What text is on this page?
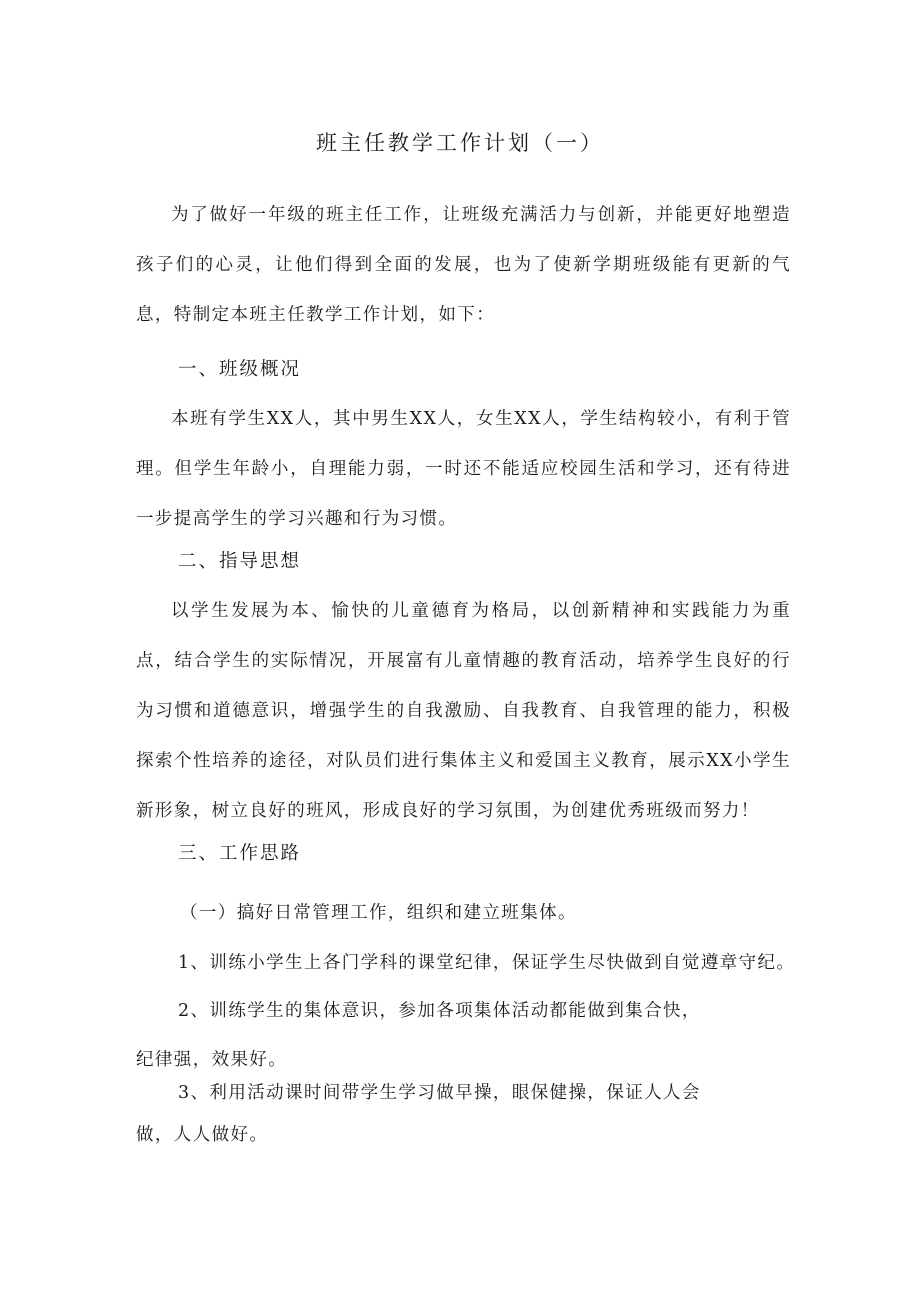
班主任教学工作计划（一）

为了做好一年级的班主任工作，让班级充满活力与创新，并能更好地塑造孩子们的心灵，让他们得到全面的发展，也为了使新学期班级能有更新的气息，特制定本班主任教学工作计划，如下：

一、班级概况

本班有学生XX人，其中男生XX人，女生XX人，学生结构较小，有利于管理。但学生年龄小，自理能力弱，一时还不能适应校园生活和学习，还有待进一步提高学生的学习兴趣和行为习惯。

二、指导思想

以学生发展为本、愉快的儿童德育为格局，以创新精神和实践能力为重点，结合学生的实际情况，开展富有儿童情趣的教育活动，培养学生良好的行为习惯和道德意识，增强学生的自我激励、自我教育、自我管理的能力，积极探索个性培养的途径，对队员们进行集体主义和爱国主义教育，展示XX小学生新形象，树立良好的班风，形成良好的学习氛围，为创建优秀班级而努力！

三、工作思路
（一）搞好日常管理工作，组织和建立班集体。
1、训练小学生上各门学科的课堂纪律，保证学生尽快做到自觉遵章守纪。
2、训练学生的集体意识，参加各项集体活动都能做到集合快，
纪律强，效果好。
3、利用活动课时间带学生学习做早操，眼保健操，保证人人会
做，人人做好。
